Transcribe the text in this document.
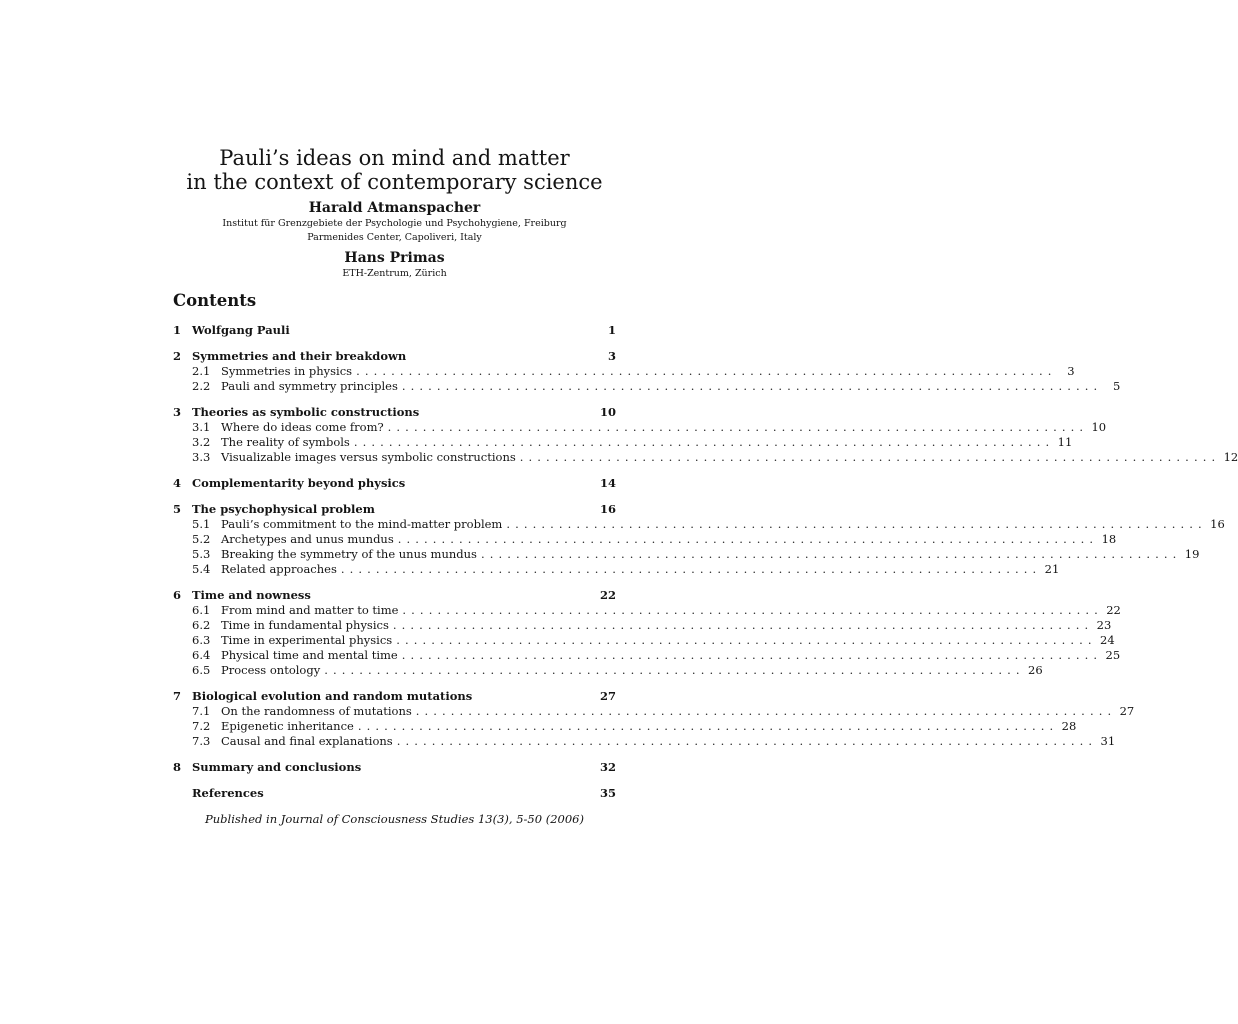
Pauli’s ideas on mind and matter
in the context of contemporary science
Harald Atmanspacher
Institut für Grenzgebiete der Psychologie und Psychohygiene, Freiburg
Parmenides Center, Capoliveri, Italy
Hans Primas
ETH-Zentrum, Zürich
Contents
1 Wolfgang Pauli	1
2 Symmetries and their breakdown	3
2.1 Symmetries in physics ................................................................................ 3
2.2 Pauli and symmetry principles ................................................................................ 5
3 Theories as symbolic constructions	10
3.1 Where do ideas come from? ................................................................................ 10
3.2 The reality of symbols ................................................................................ 11
3.3 Visualizable images versus symbolic constructions ................................................................................ 12
4 Complementarity beyond physics	14
5 The psychophysical problem	16
5.1 Pauli’s commitment to the mind-matter problem ................................................................................ 16
5.2 Archetypes and unus mundus ................................................................................ 18
5.3 Breaking the symmetry of the unus mundus ................................................................................ 19
5.4 Related approaches ................................................................................ 21
6 Time and nowness	22
6.1 From mind and matter to time ................................................................................ 22
6.2 Time in fundamental physics ................................................................................ 23
6.3 Time in experimental physics ................................................................................ 24
6.4 Physical time and mental time ................................................................................ 25
6.5 Process ontology ................................................................................ 26
7 Biological evolution and random mutations	27
7.1 On the randomness of mutations ................................................................................ 27
7.2 Epigenetic inheritance ................................................................................ 28
7.3 Causal and final explanations ................................................................................ 31
8 Summary and conclusions	32
References	35
Published in Journal of Consciousness Studies 13(3), 5-50 (2006)
